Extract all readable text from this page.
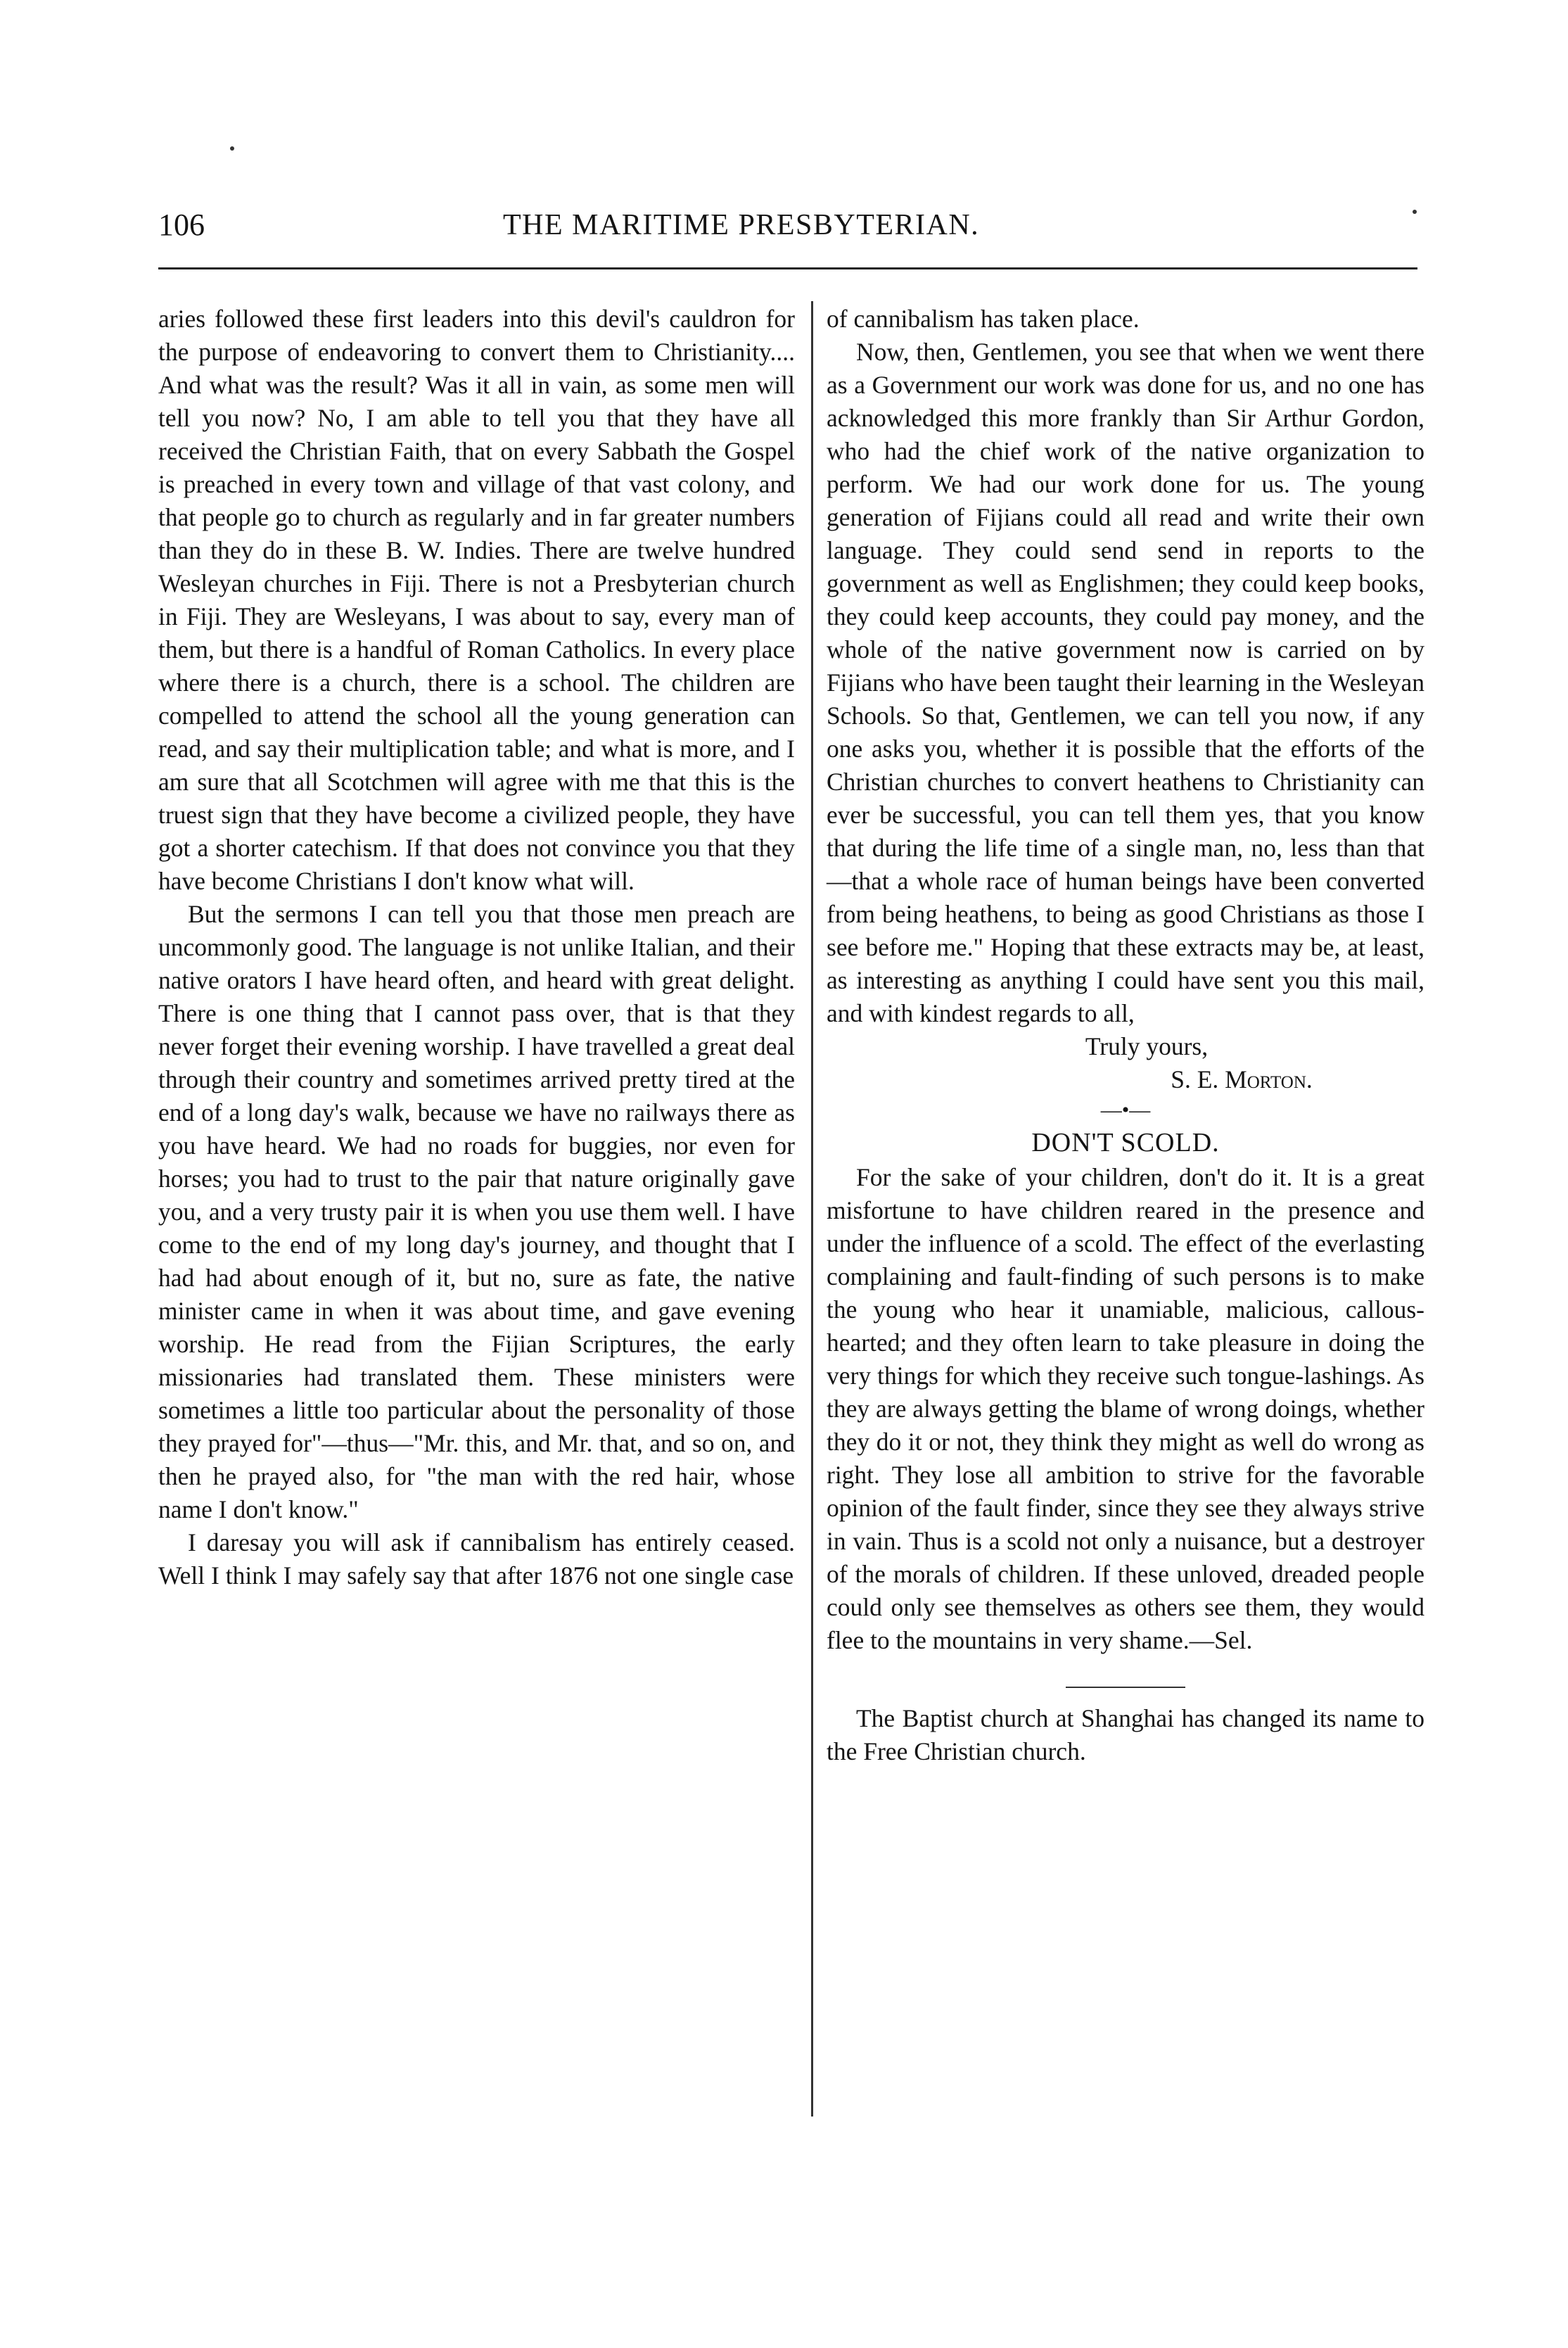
106	THE MARITIME PRESBYTERIAN.

aries followed these first leaders into this devil's cauldron for the purpose of endeavoring to convert them to Christianity.... And what was the result? Was it all in vain, as some men will tell you now? No, I am able to tell you that they have all received the Christian Faith, that on every Sabbath the Gospel is preached in every town and village of that vast colony, and that people go to church as regularly and in far greater numbers than they do in these B. W. Indies. There are twelve hundred Wesleyan churches in Fiji. There is not a Presbyterian church in Fiji. They are Wesleyans, I was about to say, every man of them, but there is a handful of Roman Catholics. In every place where there is a church, there is a school. The children are compelled to attend the school all the young generation can read, and say their multiplication table; and what is more, and I am sure that all Scotchmen will agree with me that this is the truest sign that they have become a civilized people, they have got a shorter catechism. If that does not convince you that they have become Christians I don't know what will.

But the sermons I can tell you that those men preach are uncommonly good. The language is not unlike Italian, and their native orators I have heard often, and heard with great delight. There is one thing that I cannot pass over, that is that they never forget their evening worship. I have travelled a great deal through their country and sometimes arrived pretty tired at the end of a long day's walk, because we have no railways there as you have heard. We had no roads for buggies, nor even for horses; you had to trust to the pair that nature originally gave you, and a very trusty pair it is when you use them well. I have come to the end of my long day's journey, and thought that I had had about enough of it, but no, sure as fate, the native minister came in when it was about time, and gave evening worship. He read from the Fijian Scriptures, the early missionaries had translated them. These ministers were sometimes a little too particular about the personality of those they prayed for"—thus—"Mr. this, and Mr. that, and so on, and then he prayed also, for "the man with the red hair, whose name I don't know."

I daresay you will ask if cannibalism has entirely ceased. Well I think I may safely say that after 1876 not one single case

of cannibalism has taken place.

Now, then, Gentlemen, you see that when we went there as a Government our work was done for us, and no one has acknowledged this more frankly than Sir Arthur Gordon, who had the chief work of the native organization to perform. We had our work done for us. The young generation of Fijians could all read and write their own language. They could send send in reports to the government as well as Englishmen; they could keep books, they could keep accounts, they could pay money, and the whole of the native government now is carried on by Fijians who have been taught their learning in the Wesleyan Schools. So that, Gentlemen, we can tell you now, if any one asks you, whether it is possible that the efforts of the Christian churches to convert heathens to Christianity can ever be successful, you can tell them yes, that you know that during the life time of a single man, no, less than that—that a whole race of human beings have been converted from being heathens, to being as good Christians as those I see before me." Hoping that these extracts may be, at least, as interesting as anything I could have sent you this mail, and with kindest regards to all,

Truly yours,

S. E. Morton.

—•—

DON'T SCOLD.

For the sake of your children, don't do it. It is a great misfortune to have children reared in the presence and under the influence of a scold. The effect of the everlasting complaining and fault-finding of such persons is to make the young who hear it unamiable, malicious, callous-hearted; and they often learn to take pleasure in doing the very things for which they receive such tongue-lashings. As they are always getting the blame of wrong doings, whether they do it or not, they think they might as well do wrong as right. They lose all ambition to strive for the favorable opinion of the fault finder, since they see they always strive in vain. Thus is a scold not only a nuisance, but a destroyer of the morals of children. If these unloved, dreaded people could only see themselves as others see them, they would flee to the mountains in very shame.—Sel.

The Baptist church at Shanghai has changed its name to the Free Christian church.
